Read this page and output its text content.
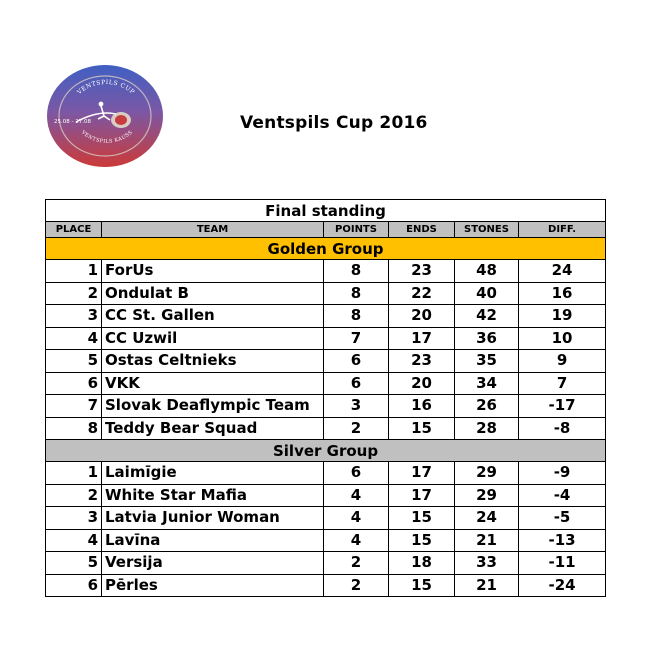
VENTSPILS CUP
VENTSPILS KAUSS
25.08 - 27.08	Ventspils Cup 2016
Final standing					
PLACE	TEAM	POINTS	ENDS	STONES	DIFF.
Golden Group					
1	ForUs	8	23	48	24
2	Ondulat B	8	22	40	16
3	CC St. Gallen	8	20	42	19
4	CC Uzwil	7	17	36	10
5	Ostas Celtnieks	6	23	35	9
6	VKK	6	20	34	7
7	Slovak Deaflympic Team	3	16	26	-17
8	Teddy Bear Squad	2	15	28	-8
Silver Group					
1	Laimīgie	6	17	29	-9
2	White Star Mafia	4	17	29	-4
3	Latvia Junior Woman	4	15	24	-5
4	Lavīna	4	15	21	-13
5	Versija	2	18	33	-11
6	Pērles	2	15	21	-24
